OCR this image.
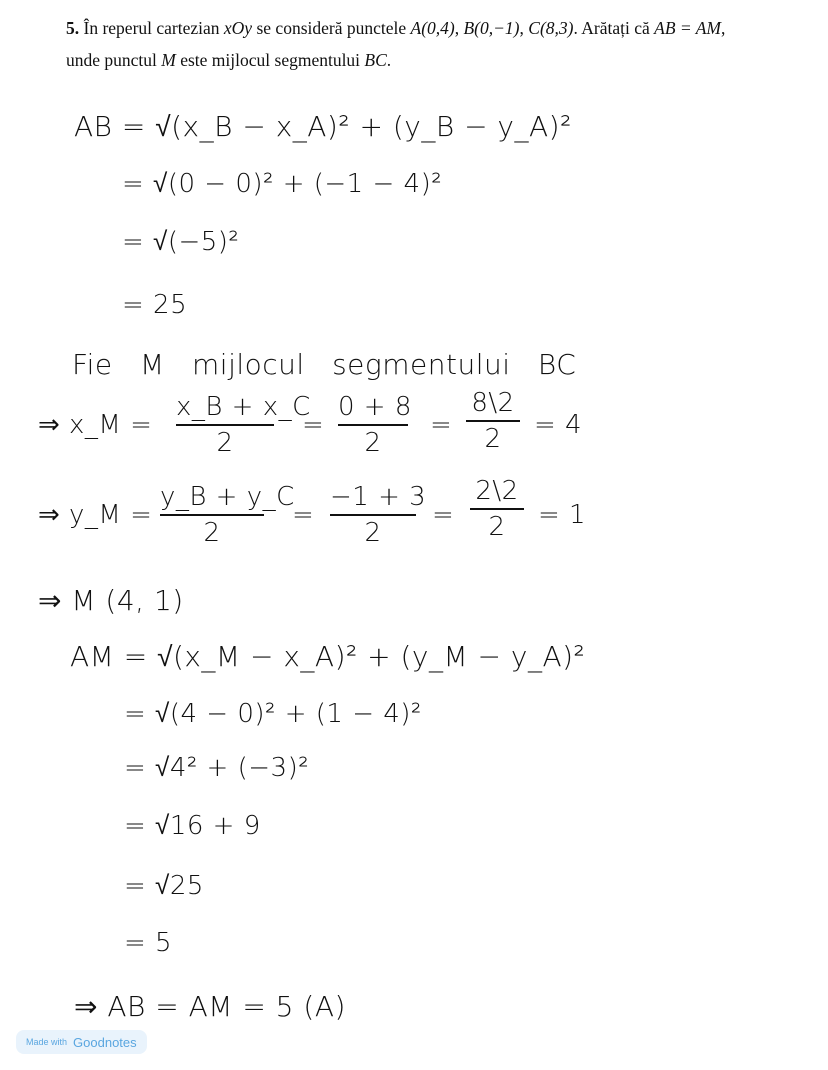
5. În reperul cartezian xOy se consideră punctele A(0,4), B(0,−1), C(8,3). Arătați că AB = AM,
unde punctul M este mijlocul segmentului BC.
AB = √(x_B − x_A)² + (y_B − y_A)²
= √(0 − 0)² + (−1 − 4)²
= √(−5)²
= 25
Fie M mijlocul segmentului BC
⇒ x_M =
x_B + x_C
2
=
0 + 8
2
=
8\2
2	= 4
⇒ y_M =
y_B + y_C
2
=
−1 + 3
2
=
2\2
2	= 1
⇒ M (4, 1)
AM = √(x_M − x_A)² + (y_M − y_A)²
= √(4 − 0)² + (1 − 4)²
= √4² + (−3)²
= √16 + 9
= √25
= 5
⇒ AB = AM = 5 (A)
Made with Goodnotes
